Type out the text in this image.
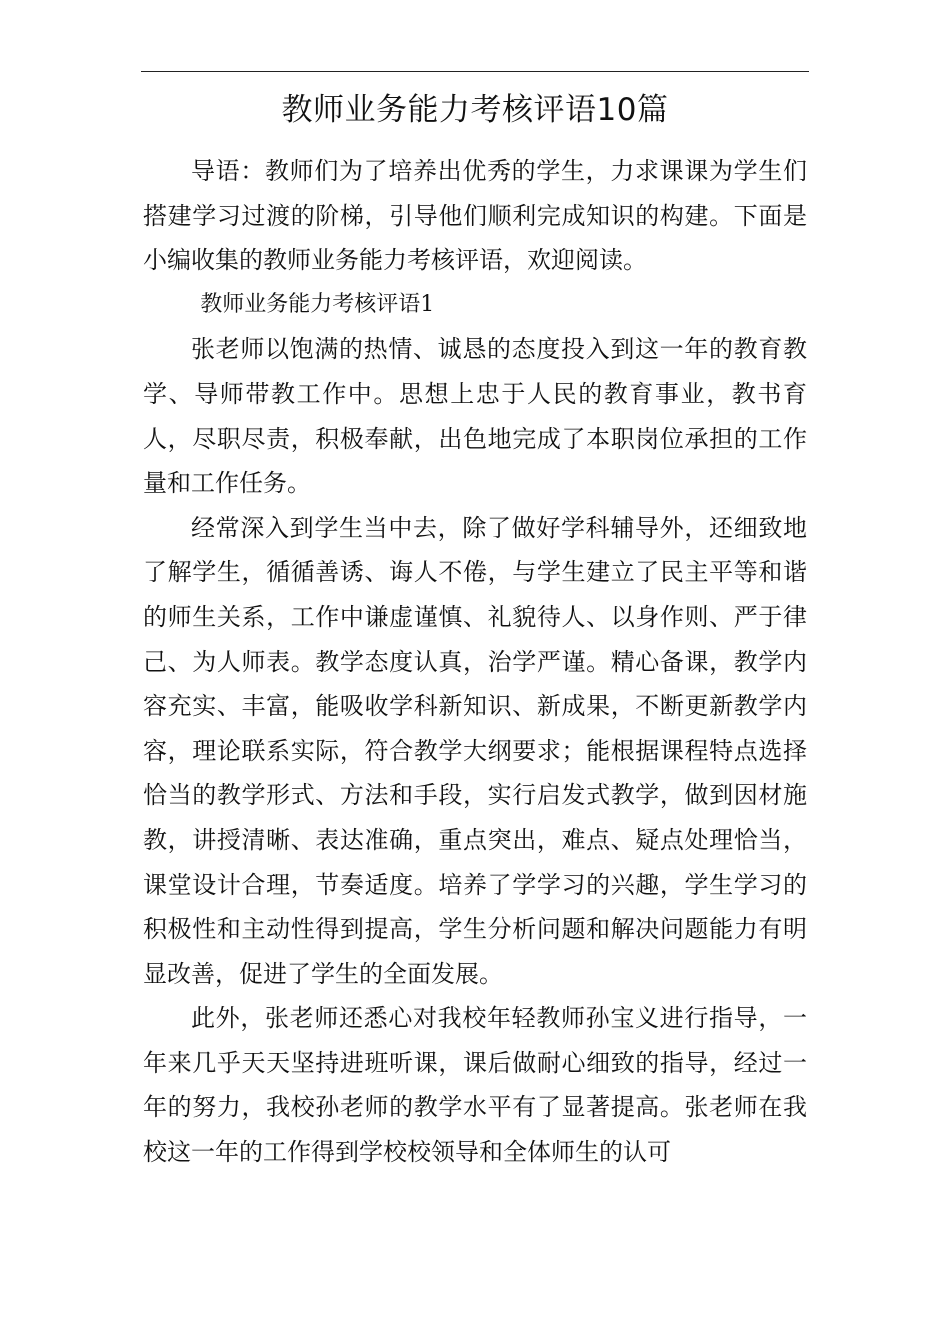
教师业务能力考核评语10篇

导语：教师们为了培养出优秀的学生，力求课课为学生们搭建学习过渡的阶梯，引导他们顺利完成知识的构建。下面是小编收集的教师业务能力考核评语，欢迎阅读。

教师业务能力考核评语1

张老师以饱满的热情、诚恳的态度投入到这一年的教育教学、导师带教工作中。思想上忠于人民的教育事业，教书育人，尽职尽责，积极奉献，出色地完成了本职岗位承担的工作量和工作任务。

经常深入到学生当中去，除了做好学科辅导外，还细致地了解学生，循循善诱、诲人不倦，与学生建立了民主平等和谐的师生关系，工作中谦虚谨慎、礼貌待人、以身作则、严于律己、为人师表。教学态度认真，治学严谨。精心备课，教学内容充实、丰富，能吸收学科新知识、新成果，不断更新教学内容，理论联系实际，符合教学大纲要求；能根据课程特点选择恰当的教学形式、方法和手段，实行启发式教学，做到因材施教，讲授清晰、表达准确，重点突出，难点、疑点处理恰当，课堂设计合理，节奏适度。培养了学学习的兴趣，学生学习的积极性和主动性得到提高，学生分析问题和解决问题能力有明显改善，促进了学生的全面发展。

此外，张老师还悉心对我校年轻教师孙宝义进行指导，一年来几乎天天坚持进班听课，课后做耐心细致的指导，经过一年的努力，我校孙老师的教学水平有了显著提高。张老师在我校这一年的工作得到学校校领导和全体师生的认可
